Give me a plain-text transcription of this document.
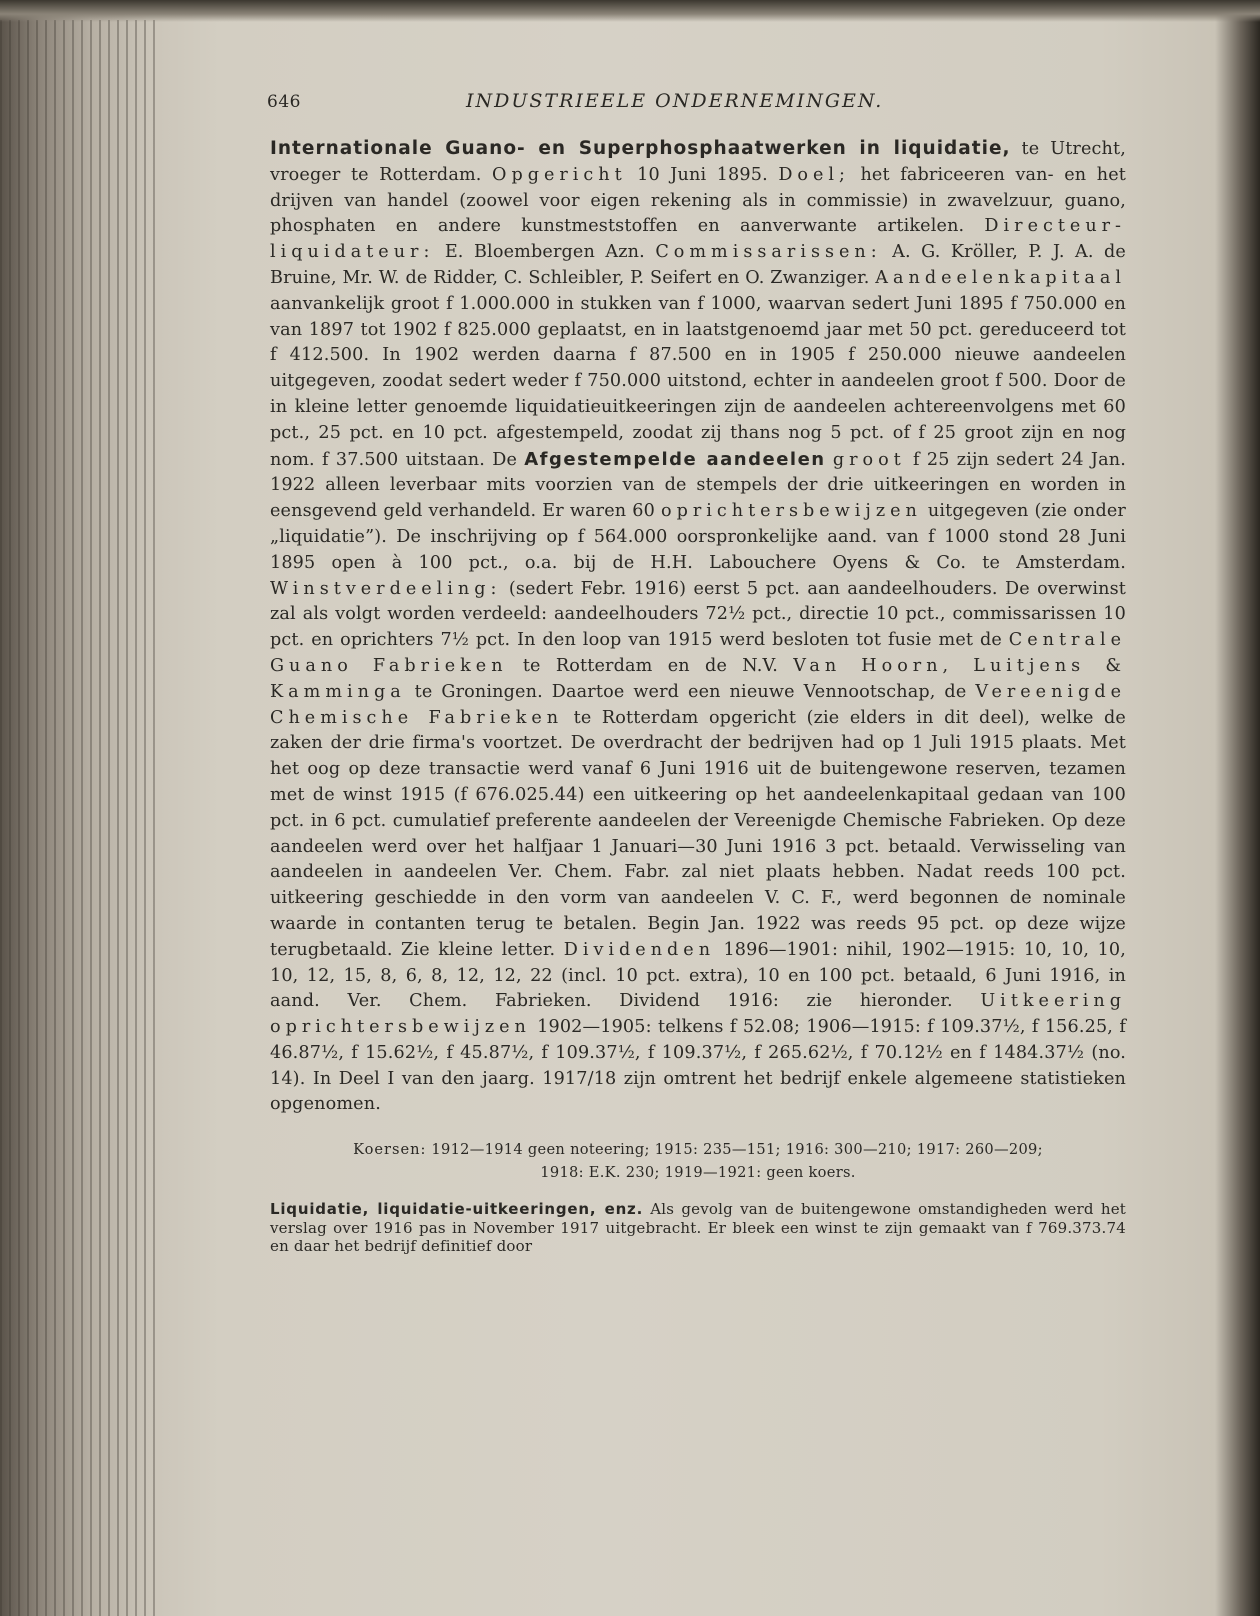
646	INDUSTRIEELE ONDERNEMINGEN.

Internationale Guano- en Superphosphaatwerken in liquidatie, te Utrecht, vroeger te Rotterdam. Opgericht 10 Juni 1895. Doel; het fabriceeren van- en het drijven van handel (zoowel voor eigen rekening als in commissie) in zwavelzuur, guano, phosphaten en andere kunstmeststoffen en aanverwante artikelen. Directeur-liquidateur: E. Bloembergen Azn. Commissarissen: A. G. Kröller, P. J. A. de Bruine, Mr. W. de Ridder, C. Schleibler, P. Seifert en O. Zwanziger. Aandeelenkapitaal aanvankelijk groot f 1.000.000 in stukken van f 1000, waarvan sedert Juni 1895 f 750.000 en van 1897 tot 1902 f 825.000 geplaatst, en in laatstgenoemd jaar met 50 pct. gereduceerd tot f 412.500. In 1902 werden daarna f 87.500 en in 1905 f 250.000 nieuwe aandeelen uitgegeven, zoodat sedert weder f 750.000 uitstond, echter in aandeelen groot f 500. Door de in kleine letter genoemde liquidatieuitkeeringen zijn de aandeelen achtereenvolgens met 60 pct., 25 pct. en 10 pct. afgestempeld, zoodat zij thans nog 5 pct. of f 25 groot zijn en nog nom. f 37.500 uitstaan. De Afgestempelde aandeelen groot f 25 zijn sedert 24 Jan. 1922 alleen leverbaar mits voorzien van de stempels der drie uitkeeringen en worden in eensgevend geld verhandeld. Er waren 60 oprichtersbewijzen uitgegeven (zie onder „liquidatie”). De inschrijving op f 564.000 oorspronkelijke aand. van f 1000 stond 28 Juni 1895 open à 100 pct., o.a. bij de H.H. Labouchere Oyens & Co. te Amsterdam. Winstverdeeling: (sedert Febr. 1916) eerst 5 pct. aan aandeelhouders. De overwinst zal als volgt worden verdeeld: aandeelhouders 72½ pct., directie 10 pct., commissarissen 10 pct. en oprichters 7½ pct. In den loop van 1915 werd besloten tot fusie met de Centrale Guano Fabrieken te Rotterdam en de N.V. Van Hoorn, Luitjens & Kamminga te Groningen. Daartoe werd een nieuwe Vennootschap, de Vereenigde Chemische Fabrieken te Rotterdam opgericht (zie elders in dit deel), welke de zaken der drie firma's voortzet. De overdracht der bedrijven had op 1 Juli 1915 plaats. Met het oog op deze transactie werd vanaf 6 Juni 1916 uit de buitengewone reserven, tezamen met de winst 1915 (f 676.025.44) een uitkeering op het aandeelenkapitaal gedaan van 100 pct. in 6 pct. cumulatief preferente aandeelen der Vereenigde Chemische Fabrieken. Op deze aandeelen werd over het halfjaar 1 Januari—30 Juni 1916 3 pct. betaald. Verwisseling van aandeelen in aandeelen Ver. Chem. Fabr. zal niet plaats hebben. Nadat reeds 100 pct. uitkeering geschiedde in den vorm van aandeelen V. C. F., werd begonnen de nominale waarde in contanten terug te betalen. Begin Jan. 1922 was reeds 95 pct. op deze wijze terugbetaald. Zie kleine letter. Dividenden 1896—1901: nihil, 1902—1915: 10, 10, 10, 10, 12, 15, 8, 6, 8, 12, 12, 22 (incl. 10 pct. extra), 10 en 100 pct. betaald, 6 Juni 1916, in aand. Ver. Chem. Fabrieken. Dividend 1916: zie hieronder. Uitkeering oprichtersbewijzen 1902—1905: telkens f 52.08; 1906—1915: f 109.37½, f 156.25, f 46.87½, f 15.62½, f 45.87½, f 109.37½, f 109.37½, f 265.62½, f 70.12½ en f 1484.37½ (no. 14). In Deel I van den jaarg. 1917/18 zijn omtrent het bedrijf enkele algemeene statistieken opgenomen.

Koersen: 1912—1914 geen noteering; 1915: 235—151; 1916: 300—210; 1917: 260—209;
1918: E.K. 230; 1919—1921: geen koers.

Liquidatie, liquidatie-uitkeeringen, enz. Als gevolg van de buitengewone omstandigheden werd het verslag over 1916 pas in November 1917 uitgebracht. Er bleek een winst te zijn gemaakt van f 769.373.74 en daar het bedrijf definitief door
